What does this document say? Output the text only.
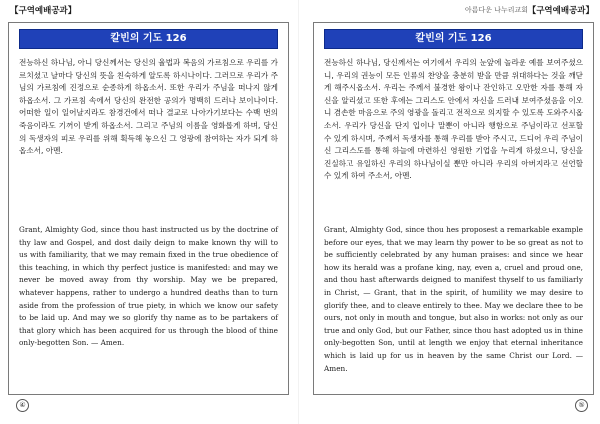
【구역예배공과】
칼빈의 기도 126
전능하신 하나님, 아니 당신께서는 당신의 율법과 복음의 가르침으로 우리를 가르치셨고 날마다 당신의 뜻을 친숙하게 알도록 하시나이다. 그러므로 우리가 주님의 가르침에 진정으로 순종하게 하옵소서. 또한 우리가 주님을 떠나지 않게 하옵소서. 그 가르침 속에서 당신의 완전한 공의가 명백히 드러나 보이나이다. 어떠한 일이 일어날지라도 참경건에서 떠나 결교로 나아가기보다는 수백 번의 죽음이라도 기꺼이 받게 하옵소서. 그리고 주님의 이름을 영화롭게 하며, 당신의 독생자의 피로 우리를 위해 획득해 놓으신 그 영광에 참여하는 자가 되게 하옵소서, 아멘.
Grant, Almighty God, since thou hast instructed us by the doctrine of thy law and Gospel, and dost daily deign to make known thy will to us with familiarity, that we may remain fixed in the true obedience of this teaching, in which thy perfect justice is manifested: and may we never be moved away from thy worship. May we be prepared, whatever happens, rather to undergo a hundred deaths than to turn aside from the profession of true piety, in which we know our safety to be laid up. And may we so glorify thy name as to be partakers of that glory which has been acquired for us through the blood of thine only-begotten Son. — Amen.
④
아름다운 나누리교회 【구역예배공과】
칼빈의 기도 126
전능하신 하나님, 당신께서는 여기에서 우리의 눈앞에 놀라운 예를 보여주셨으니, 우리의 권능이 모든 인류의 찬양을 충분히 받을 만큼 위대하다는 것을 깨닫게 해주시옵소서. 우리는 주께서 불경한 왕이나 잔인하고 오만한 자를 통해 자신을 알리셨고 또한 후에는 그리스도 안에서 자신을 드러내 보여주셨음을 이오니 겸손한 마음으로 주의 영광을 돌리고 전적으로 의지할 수 있도록 도와주시옵소서. 우리가 당신을 단지 입이나 말뿐이 아니라 행함으로 주님이라고 선포할 수 있게 하시며, 주께서 독생자를 통해 우리를 받아 주시고, 드디어 우리 주님이신 그리스도를 통해 하늘에 마련하신 영원한 기업을 누리게 하셨으니, 당신을 진실하고 유일하신 우리의 하나님이실 뿐만 아니라 우리의 아버지라고 선언할 수 있게 하여 주소서, 아멘.
Grant, Almighty God, since thou hes proposest a remarkable example before our eyes, that we may learn thy power to be so great as not to be sufficiently celebrated by any human praises: and since we hear how its herald was a profane king, nay, even a, cruel and proud one, and thou hast afterwards deigned to manifest thyself to us familiarly in Christ, — Grant, that in the spirit, of humility we may desire to glorify thee, and to cleave entirely to thee. May we declare thee to be ours, not only in mouth and tongue, but also in works: not only as our true and only God, but our Father, since thou hast adopted us in thine only-begotten Son, until at length we enjoy that eternal inheritance which is laid up for us in heaven by the same Christ our Lord. — Amen.
⑤
